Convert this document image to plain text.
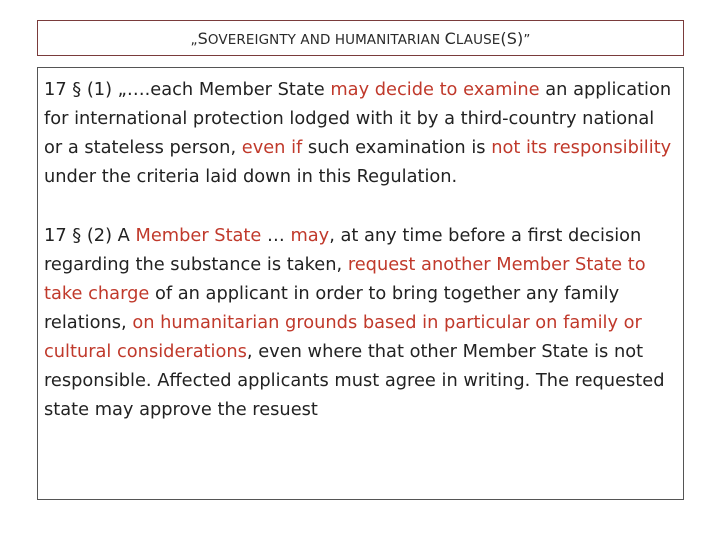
„SOVEREIGNTY AND HUMANITARIAN CLAUSE(S)”

17 § (1) „….each Member State may decide to examine an application for international protection lodged with it by a third-country national or a stateless person, even if such examination is not its responsibility under the criteria laid down in this Regulation.

17 § (2) A Member State … may, at any time before a first decision regarding the substance is taken, request another Member State to take charge of an applicant in order to bring together any family relations, on humanitarian grounds based in particular on family or cultural considerations, even where that other Member State is not responsible. Affected applicants must agree in writing. The requested state may approve the resuest
